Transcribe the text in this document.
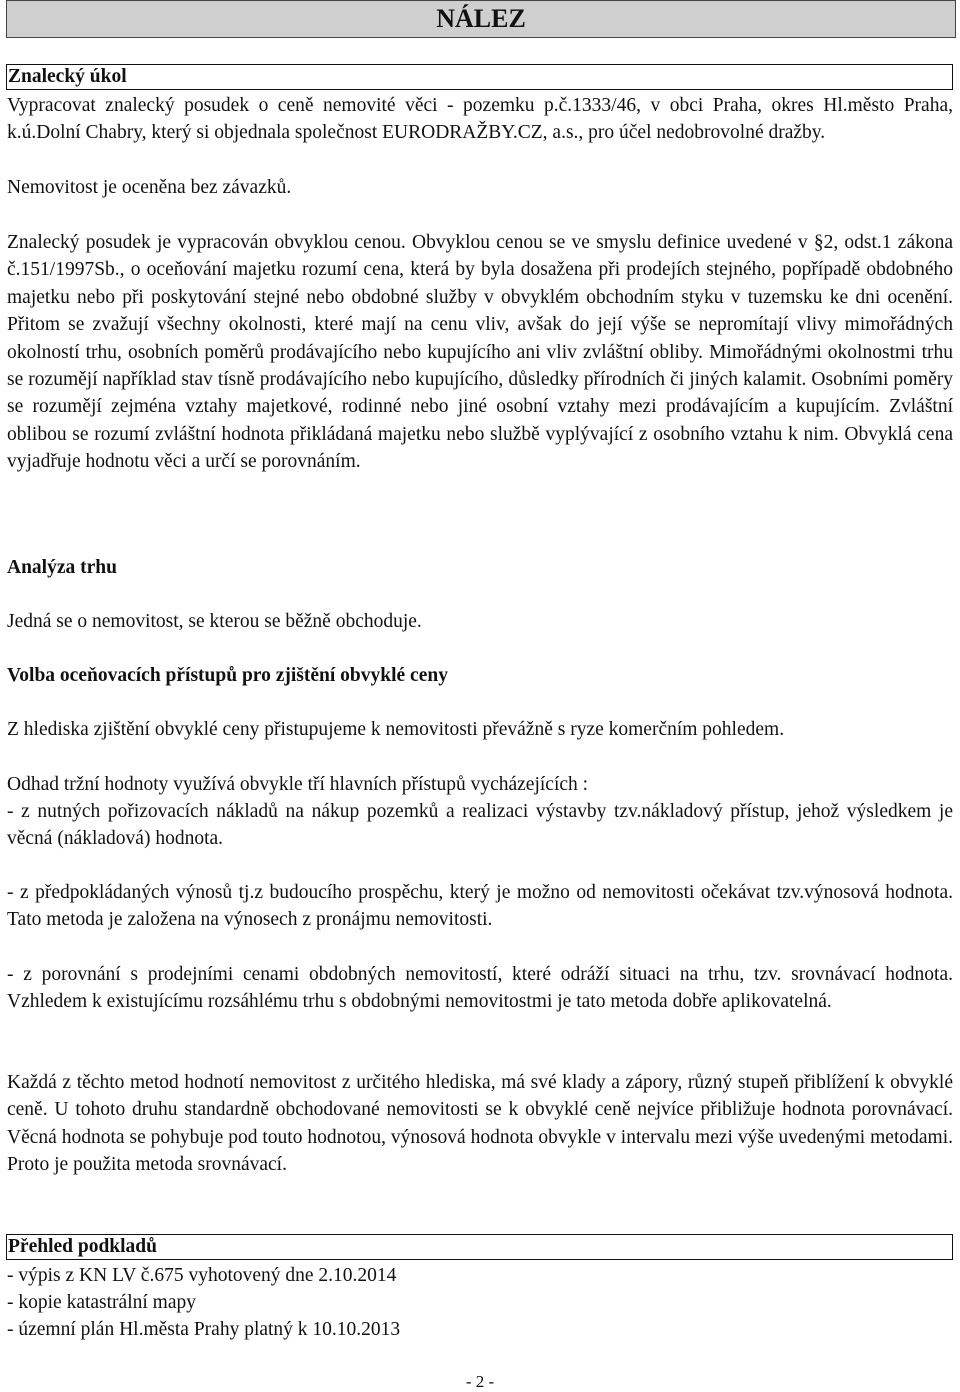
NÁLEZ
Znalecký úkol

Vypracovat znalecký posudek o ceně nemovité věci - pozemku p.č.1333/46, v obci Praha, okres Hl.město Praha, k.ú.Dolní Chabry, který si objednala společnost EURODRAŽBY.CZ, a.s., pro účel nedobrovolné dražby.

Nemovitost je oceněna bez závazků.

Znalecký posudek je vypracován obvyklou cenou. Obvyklou cenou se ve smyslu definice uvedené v §2, odst.1 zákona č.151/1997Sb., o oceňování majetku rozumí cena, která by byla dosažena při prodejích stejného, popřípadě obdobného majetku nebo při poskytování stejné nebo obdobné služby v obvyklém obchodním styku v tuzemsku ke dni ocenění. Přitom se zvažují všechny okolnosti, které mají na cenu vliv, avšak do její výše se nepromítají vlivy mimořádných okolností trhu, osobních poměrů prodávajícího nebo kupujícího ani vliv zvláštní obliby. Mimořádnými okolnostmi trhu se rozumějí například stav tísně prodávajícího nebo kupujícího, důsledky přírodních či jiných kalamit. Osobními poměry se rozumějí zejména vztahy majetkové, rodinné nebo jiné osobní vztahy mezi prodávajícím a kupujícím. Zvláštní oblibou se rozumí zvláštní hodnota přikládaná majetku nebo službě vyplývající z osobního vztahu k nim. Obvyklá cena vyjadřuje hodnotu věci a určí se porovnáním.

Analýza trhu
Jedná se o nemovitost, se kterou se běžně obchoduje.
Volba oceňovacích přístupů pro zjištění obvyklé ceny
Z hlediska zjištění obvyklé ceny přistupujeme k nemovitosti převážně s ryze komerčním pohledem.
Odhad tržní hodnoty využívá obvykle tří hlavních přístupů vycházejících :

- z nutných pořizovacích nákladů na nákup pozemků a realizaci výstavby tzv.nákladový přístup, jehož výsledkem je věcná (nákladová) hodnota.

- z předpokládaných výnosů tj.z budoucího prospěchu, který je možno od nemovitosti očekávat tzv.výnosová hodnota. Tato metoda je založena na výnosech z pronájmu nemovitosti.

- z porovnání s prodejními cenami obdobných nemovitostí, které odráží situaci na trhu, tzv. srovnávací hodnota. Vzhledem k existujícímu rozsáhlému trhu s obdobnými nemovitostmi je tato metoda dobře aplikovatelná.

Každá z těchto metod hodnotí nemovitost z určitého hlediska, má své klady a zápory, různý stupeň přiblížení k obvyklé ceně. U tohoto druhu standardně obchodované nemovitosti se k obvyklé ceně nejvíce přibližuje hodnota porovnávací. Věcná hodnota se pohybuje pod touto hodnotou, výnosová hodnota obvykle v intervalu mezi výše uvedenými metodami. Proto je použita metoda srovnávací.

Přehled podkladů
- výpis z KN LV č.675 vyhotovený dne 2.10.2014
- kopie katastrální mapy
- územní plán Hl.města Prahy platný k 10.10.2013
- 2 -
